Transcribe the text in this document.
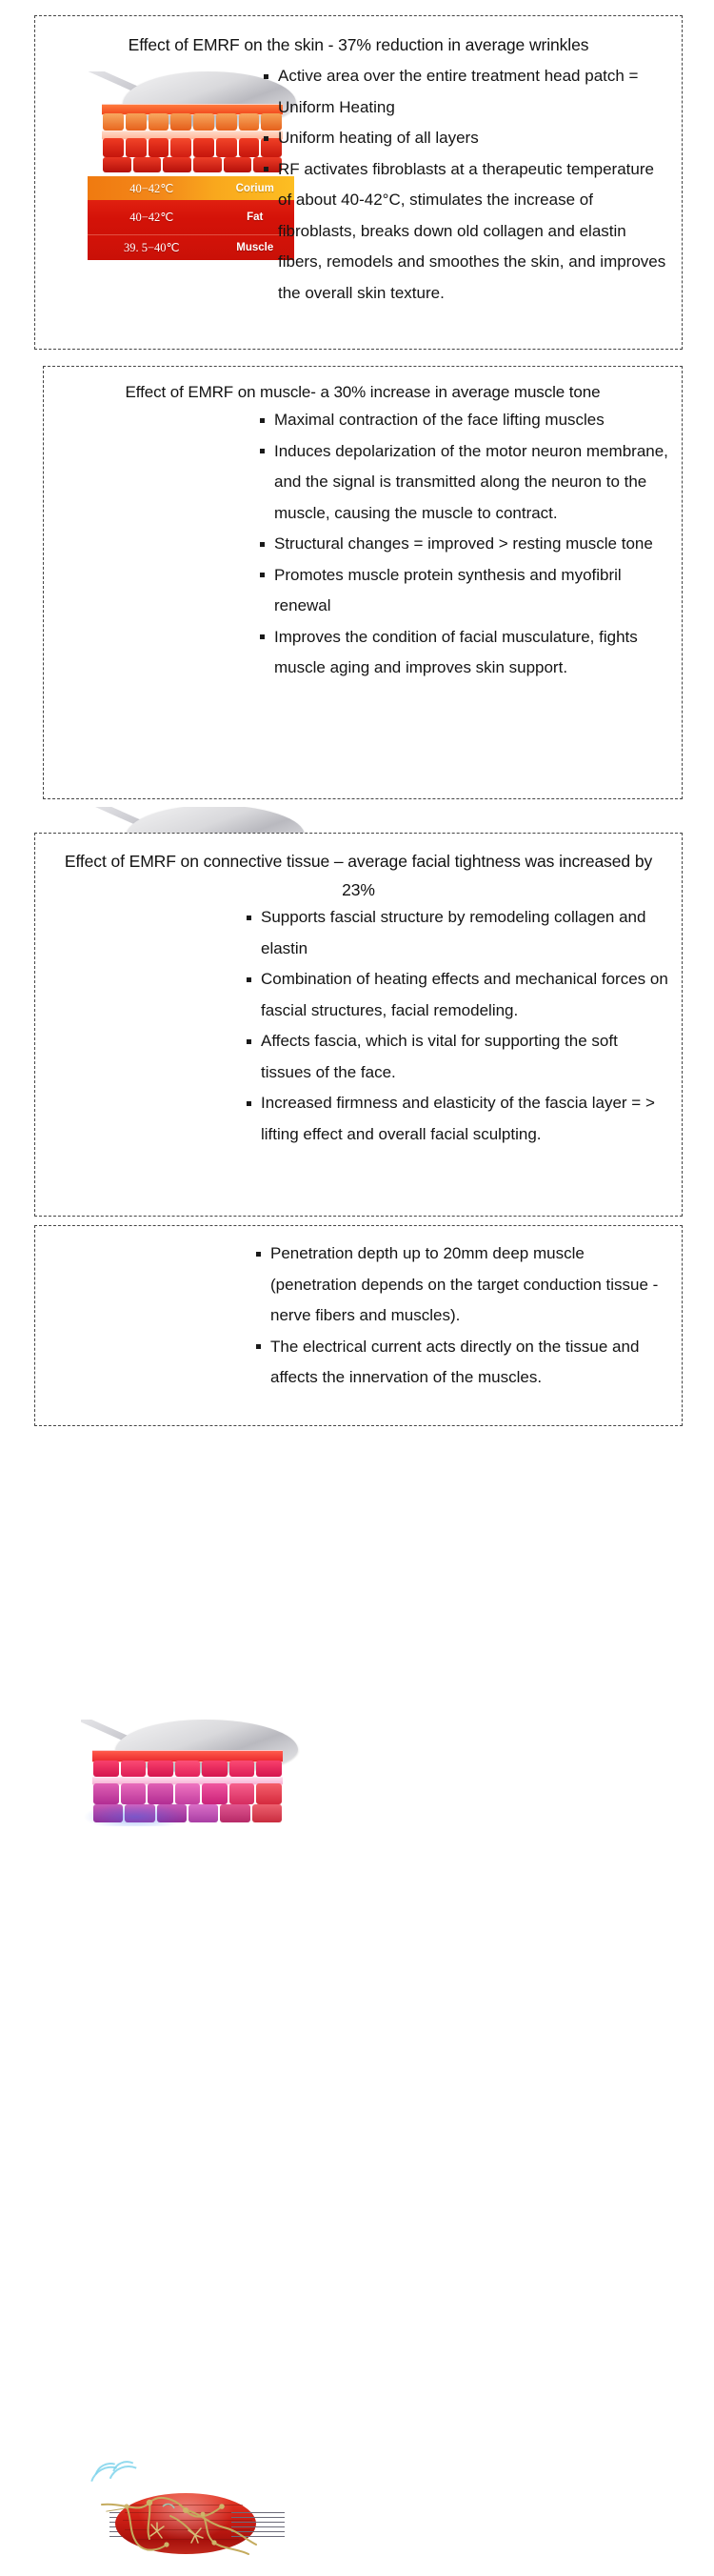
Effect of EMRF on the skin - 37% reduction in average wrinkles
40−42℃	Corium
40−42℃	Fat
39. 5−40℃	Muscle
Active area over the entire treatment head patch = Uniform Heating
Uniform heating of all layers
RF activates fibroblasts at a therapeutic temperature of about 40-42°C, stimulates the increase of fibroblasts, breaks down old collagen and elastin fibers, remodels and smoothes the skin, and improves the overall skin texture.
Effect of EMRF on muscle- a 30% increase in average muscle tone
Maximal contraction of the face lifting muscles
Induces depolarization of the motor neuron membrane, and the signal is transmitted along the neuron to the muscle, causing the muscle to contract.
Structural changes = improved > resting muscle tone
Promotes muscle protein synthesis and myofibril renewal
Improves the condition of facial musculature, fights muscle aging and improves skin support.
Effect of EMRF on connective tissue – average facial tightness was increased by 23%
Supports fascial structure by remodeling collagen and elastin
Combination of heating effects and mechanical forces on fascial structures, facial remodeling.
Affects fascia, which is vital for supporting the soft tissues of the face.
Increased firmness and elasticity of the fascia layer = > lifting effect and overall facial sculpting.
Penetration depth up to 20mm deep muscle (penetration depends on the target conduction tissue - nerve fibers and muscles).
The electrical current acts directly on the tissue and affects the innervation of the muscles.
